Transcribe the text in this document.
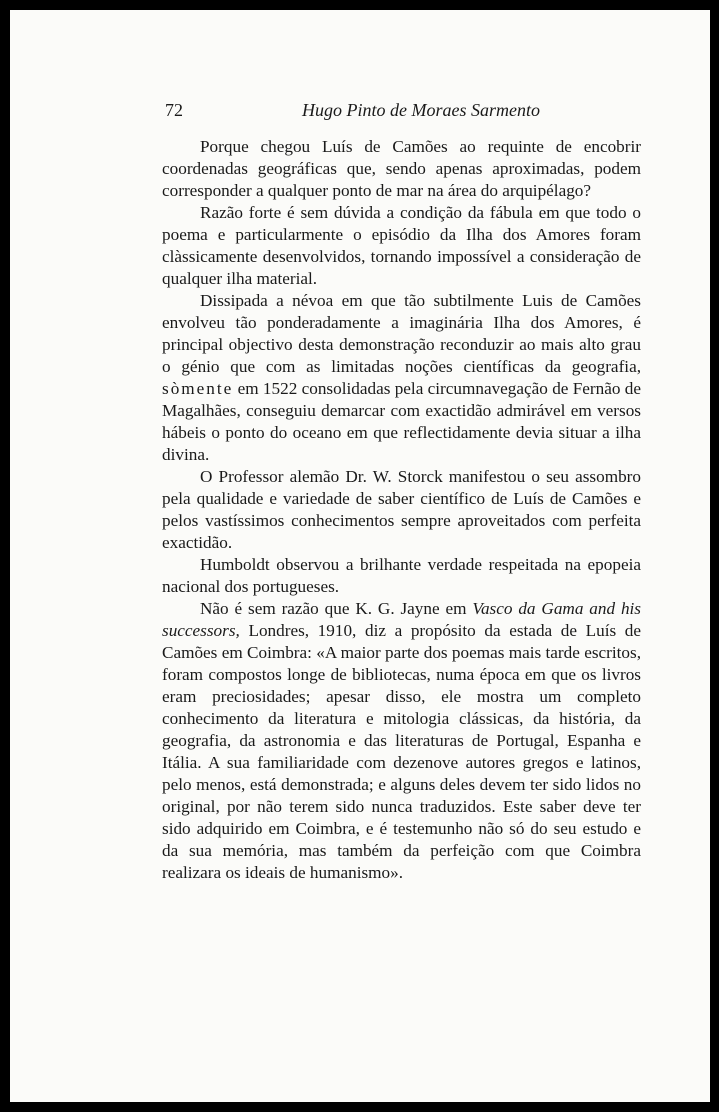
72	Hugo Pinto de Moraes Sarmento

Porque chegou Luís de Camões ao requinte de encobrir coordenadas geográficas que, sendo apenas aproximadas, podem corresponder a qualquer ponto de mar na área do arquipélago?

Razão forte é sem dúvida a condição da fábula em que todo o poema e particularmente o episódio da Ilha dos Amores foram clàssicamente desenvolvidos, tornando impossível a consideração de qualquer ilha material.

Dissipada a névoa em que tão subtilmente Luis de Camões envolveu tão ponderadamente a imaginária Ilha dos Amores, é principal objectivo desta demonstração reconduzir ao mais alto grau o génio que com as limitadas noções científicas da geografia, sòmente em 1522 consolidadas pela circumnavegação de Fernão de Magalhães, conseguiu demarcar com exactidão admirável em versos hábeis o ponto do oceano em que reflectidamente devia situar a ilha divina.

O Professor alemão Dr. W. Storck manifestou o seu assombro pela qualidade e variedade de saber científico de Luís de Camões e pelos vastíssimos conhecimentos sempre aproveitados com perfeita exactidão.

Humboldt observou a brilhante verdade respeitada na epopeia nacional dos portugueses.

Não é sem razão que K. G. Jayne em Vasco da Gama and his successors, Londres, 1910, diz a propósito da estada de Luís de Camões em Coimbra: «A maior parte dos poemas mais tarde escritos, foram compostos longe de bibliotecas, numa época em que os livros eram preciosidades; apesar disso, ele mostra um completo conhecimento da literatura e mitologia clássicas, da história, da geografia, da astronomia e das literaturas de Portugal, Espanha e Itália. A sua familiaridade com dezenove autores gregos e latinos, pelo menos, está demonstrada; e alguns deles devem ter sido lidos no original, por não terem sido nunca traduzidos. Este saber deve ter sido adquirido em Coimbra, e é testemunho não só do seu estudo e da sua memória, mas também da perfeição com que Coimbra realizara os ideais de humanismo».
